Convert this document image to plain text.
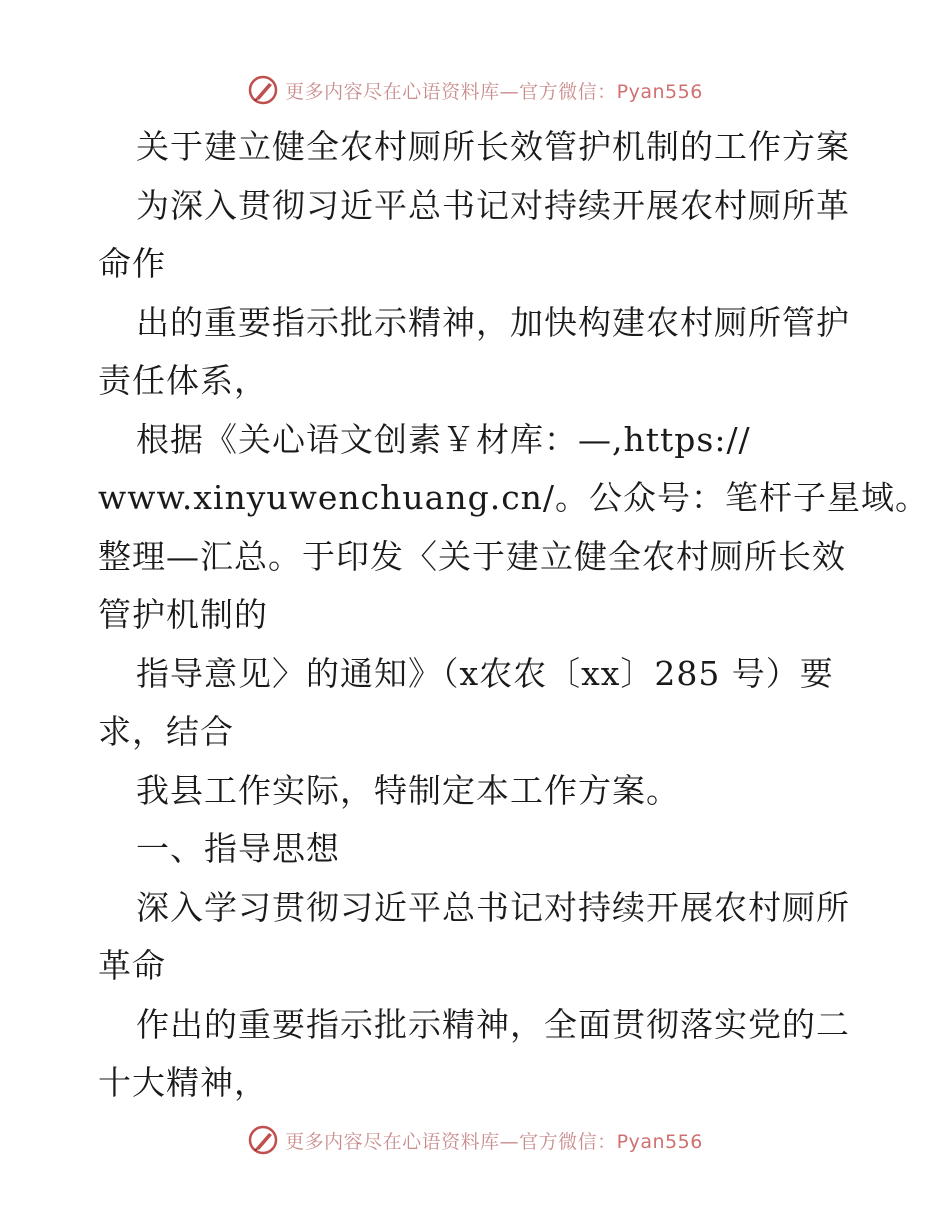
更多内容尽在心语资料库—官方微信：Pyan556
关于建立健全农村厕所长效管护机制的工作方案
为深入贯彻习近平总书记对持续开展农村厕所革
命作
出的重要指示批示精神，加快构建农村厕所管护
责任体系，
根据《关心语文创素￥材库：—,https://
www.xinyuwenchuang.cn/。公众号：笔杆子星域。
整理—汇总。于印发〈关于建立健全农村厕所长效
管护机制的
指导意见〉的通知》（x农农〔xx〕285 号）要
求，结合
我县工作实际，特制定本工作方案。
一、指导思想
深入学习贯彻习近平总书记对持续开展农村厕所
革命
作出的重要指示批示精神，全面贯彻落实党的二
十大精神，
更多内容尽在心语资料库—官方微信：Pyan556
